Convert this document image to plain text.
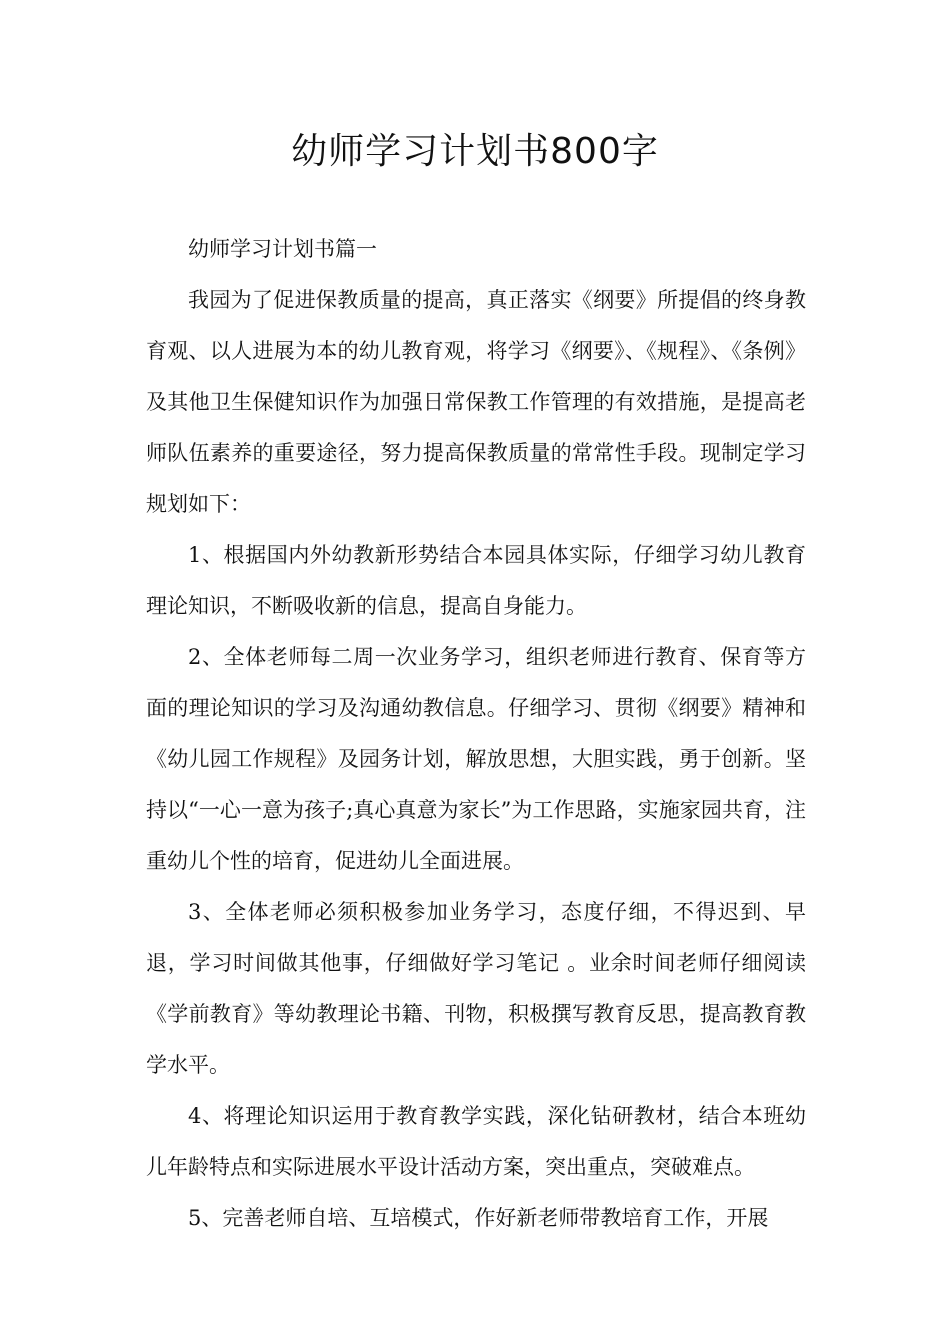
幼师学习计划书800字

幼师学习计划书篇一

我园为了促进保教质量的提高，真正落实《纲要》所提倡的终身教育观、以人进展为本的幼儿教育观，将学习《纲要》、《规程》、《条例》及其他卫生保健知识作为加强日常保教工作管理的有效措施，是提高老师队伍素养的重要途径，努力提高保教质量的常常性手段。现制定学习规划如下：

1、根据国内外幼教新形势结合本园具体实际，仔细学习幼儿教育理论知识，不断吸收新的信息，提高自身能力。

2、全体老师每二周一次业务学习，组织老师进行教育、保育等方面的理论知识的学习及沟通幼教信息。仔细学习、贯彻《纲要》精神和《幼儿园工作规程》及园务计划，解放思想，大胆实践，勇于创新。坚持以“一心一意为孩子;真心真意为家长”为工作思路，实施家园共育，注重幼儿个性的培育，促进幼儿全面进展。

3、全体老师必须积极参加业务学习，态度仔细，不得迟到、早退，学习时间做其他事，仔细做好学习笔记 。业余时间老师仔细阅读《学前教育》等幼教理论书籍、刊物，积极撰写教育反思，提高教育教学水平。

4、将理论知识运用于教育教学实践，深化钻研教材，结合本班幼儿年龄特点和实际进展水平设计活动方案，突出重点，突破难点。

5、完善老师自培、互培模式，作好新老师带教培育工作，开展
